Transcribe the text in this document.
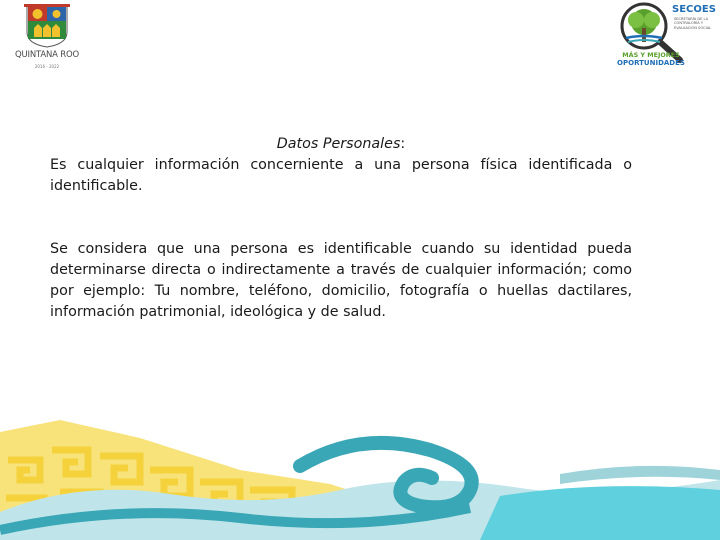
QUINTANA ROO
2016 - 2022
SECOES
SECRETARÍA DE LA CONTRALORÍA Y EVALUACIÓN SOCIAL
MÁS Y MEJORES
OPORTUNIDADES

Datos Personales:

Es cualquier información concerniente a una persona física identificada o identificable.

Se considera que una persona es identificable cuando su identidad pueda determinarse directa o indirectamente a través de cualquier información; como por ejemplo: Tu nombre, teléfono, domicilio, fotografía o huellas dactilares, información patrimonial, ideológica y de salud.
